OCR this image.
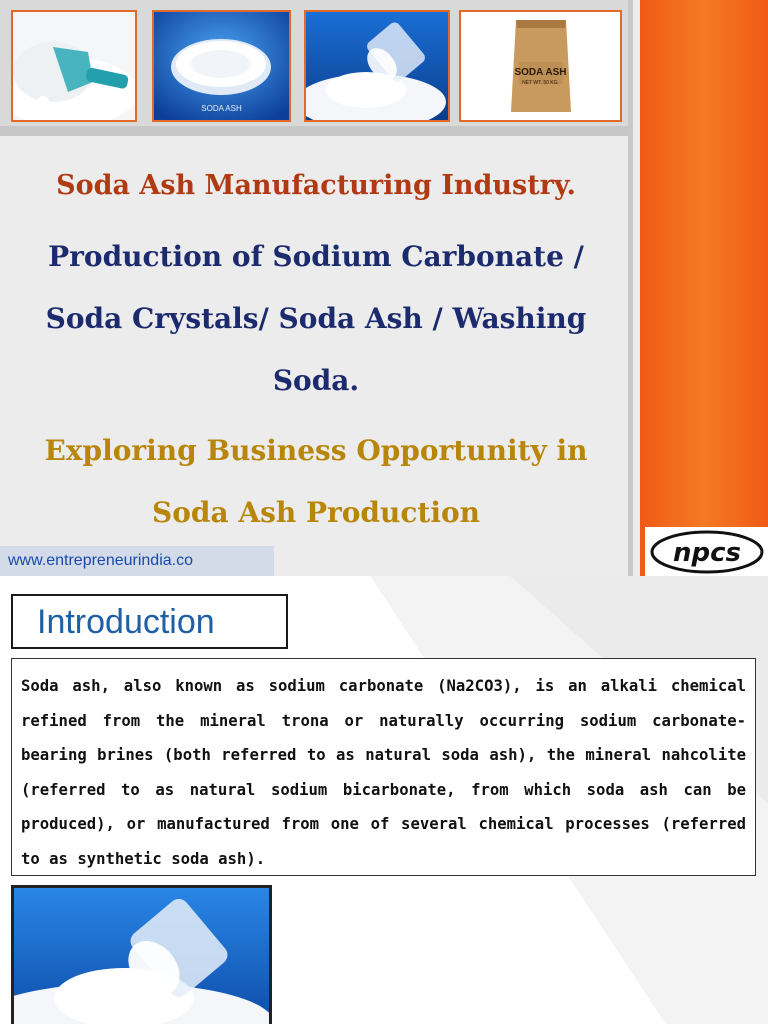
SODA ASH
SODA ASH
NET WT. 50 KG.
Soda Ash Manufacturing Industry.
Production of Sodium Carbonate /
Soda Crystals/ Soda Ash / Washing
Soda.
Exploring Business Opportunity in
Soda Ash Production
www.entrepreneurindia.co	npcs
Introduction

Soda ash, also known as sodium carbonate (Na2CO3), is an alkali chemical refined from the mineral trona or naturally occurring sodium carbonate-bearing brines (both referred to as natural soda ash), the mineral nahcolite (referred to as natural sodium bicarbonate, from which soda ash can be produced), or manufactured from one of several chemical processes (referred to as synthetic soda ash).
